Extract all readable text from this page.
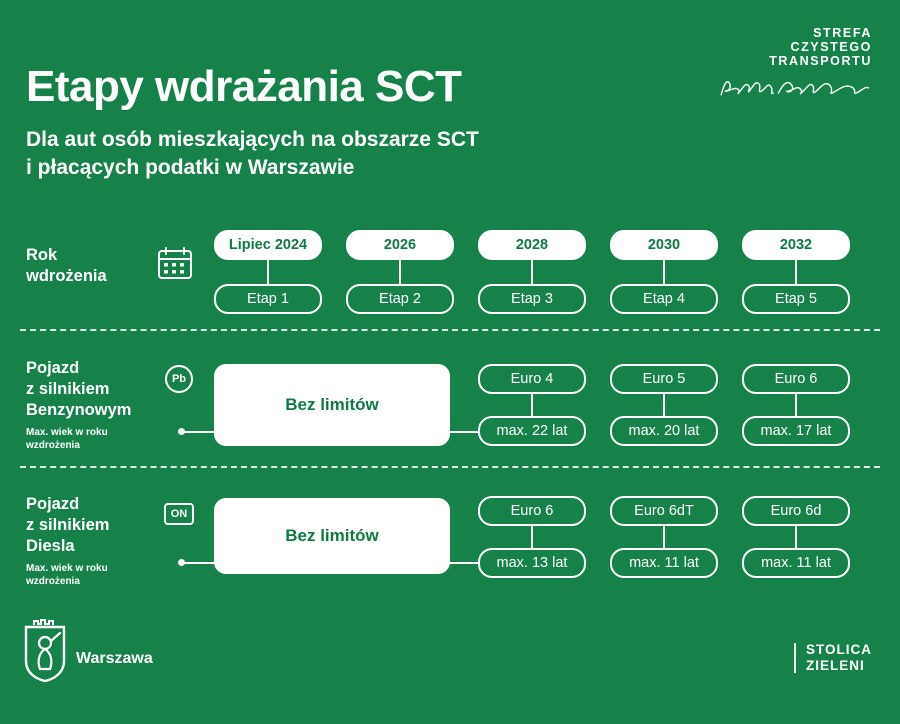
STREFA
CZYSTEGO
TRANSPORTU
Etapy wdrażania SCT
Dla aut osób mieszkających na obszarze SCT
i płacących podatki w Warszawie
Rok
wdrożenia
Lipiec 2024
Etap 1
2026
Etap 2
2028
Etap 3
2030
Etap 4
2032
Etap 5
Pojazd
z silnikiem
Benzynowym
Max. wiek w roku wzdrożenia
Pb
Bez limitów
Euro 4
max. 22 lat
Euro 5
max. 20 lat
Euro 6
max. 17 lat
Pojazd
z silnikiem
Diesla
Max. wiek w roku wzdrożenia
ON
Bez limitów
Euro 6
max. 13 lat
Euro 6dT
max. 11 lat
Euro 6d
max. 11 lat
Warszawa
STOLICA
ZIELENI
